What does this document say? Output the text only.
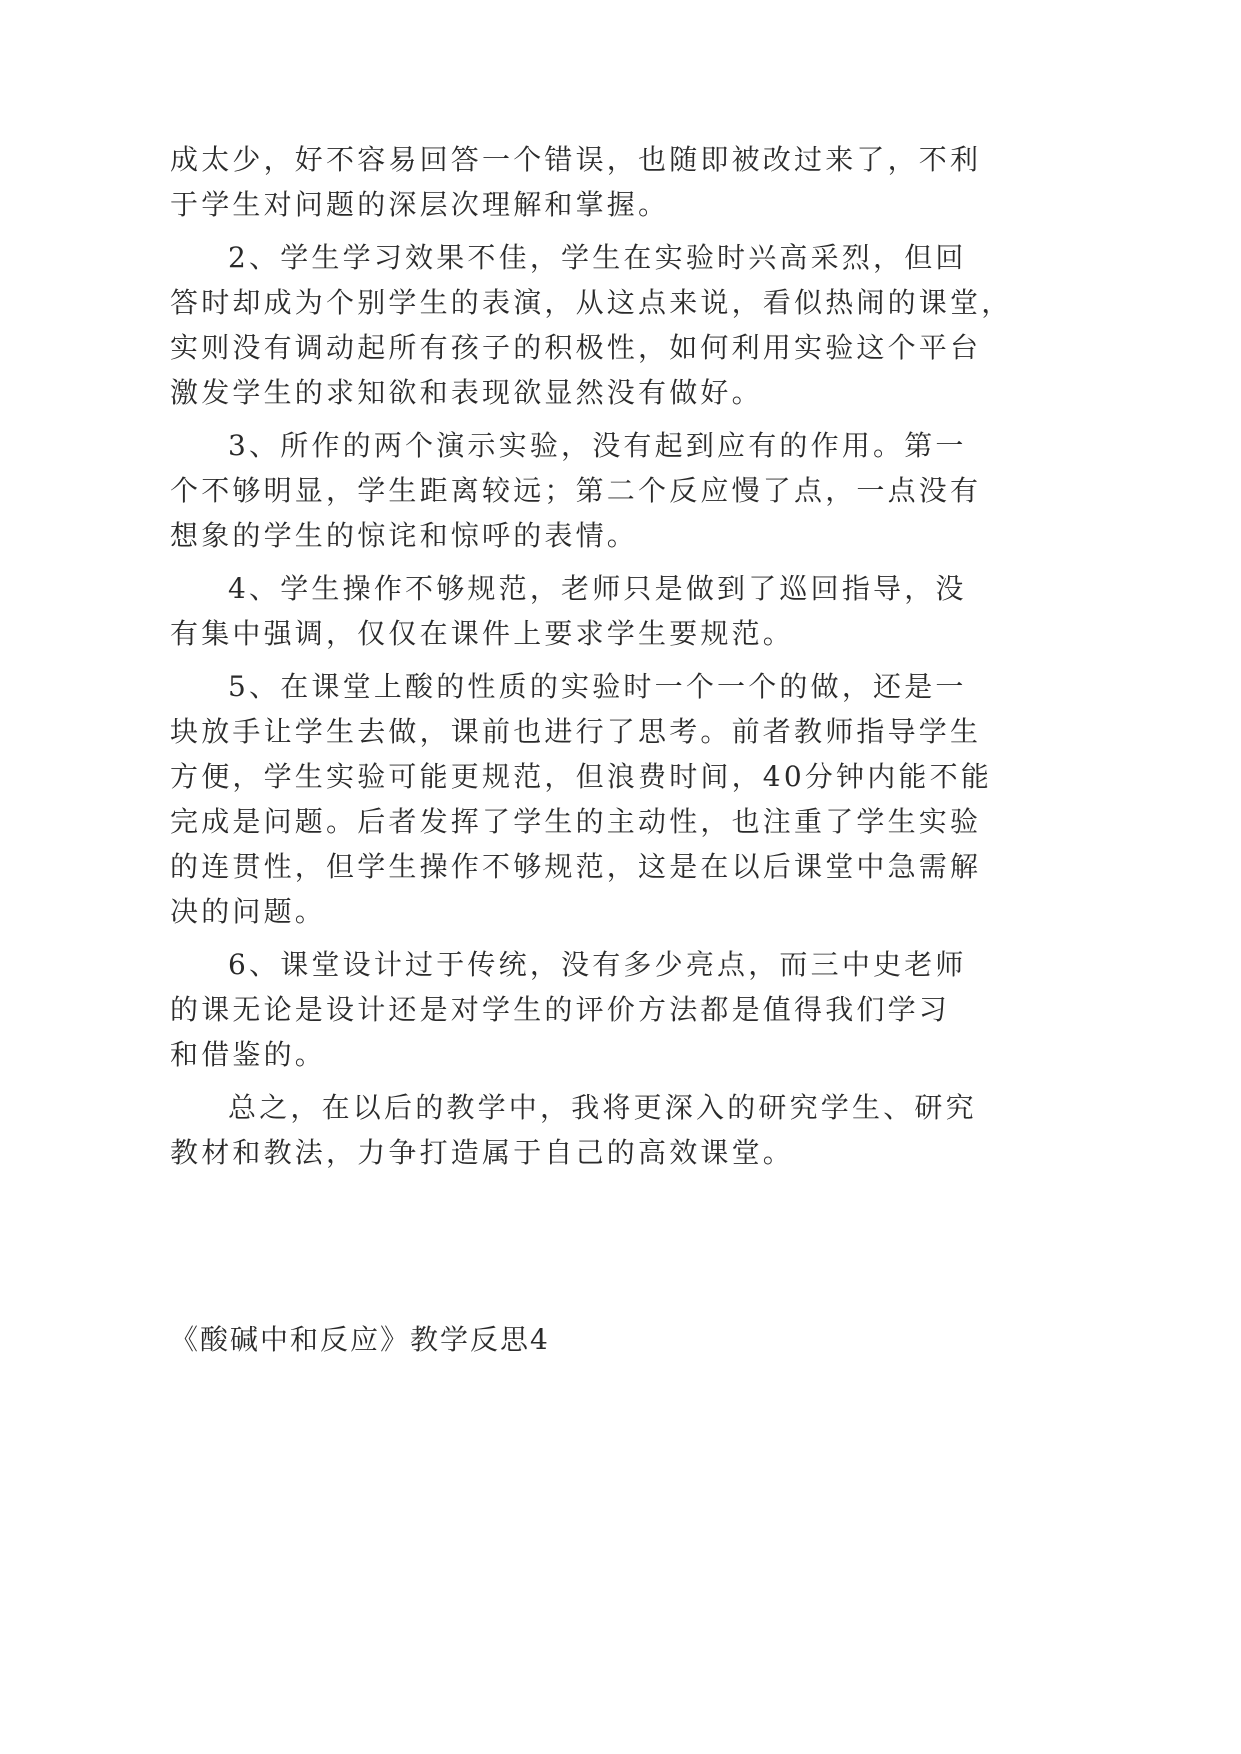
成太少，好不容易回答一个错误，也随即被改过来了，不利
于学生对问题的深层次理解和掌握。
2、学生学习效果不佳，学生在实验时兴高采烈，但回
答时却成为个别学生的表演，从这点来说，看似热闹的课堂，
实则没有调动起所有孩子的积极性，如何利用实验这个平台
激发学生的求知欲和表现欲显然没有做好。
3、所作的两个演示实验，没有起到应有的作用。第一
个不够明显，学生距离较远；第二个反应慢了点，一点没有
想象的学生的惊诧和惊呼的表情。
4、学生操作不够规范，老师只是做到了巡回指导，没
有集中强调，仅仅在课件上要求学生要规范。
5、在课堂上酸的性质的实验时一个一个的做，还是一
块放手让学生去做，课前也进行了思考。前者教师指导学生
方便，学生实验可能更规范，但浪费时间，40分钟内能不能
完成是问题。后者发挥了学生的主动性，也注重了学生实验
的连贯性，但学生操作不够规范，这是在以后课堂中急需解
决的问题。
6、课堂设计过于传统，没有多少亮点，而三中史老师
的课无论是设计还是对学生的评价方法都是值得我们学习
和借鉴的。
总之，在以后的教学中，我将更深入的研究学生、研究
教材和教法，力争打造属于自己的高效课堂。
《酸碱中和反应》教学反思4
